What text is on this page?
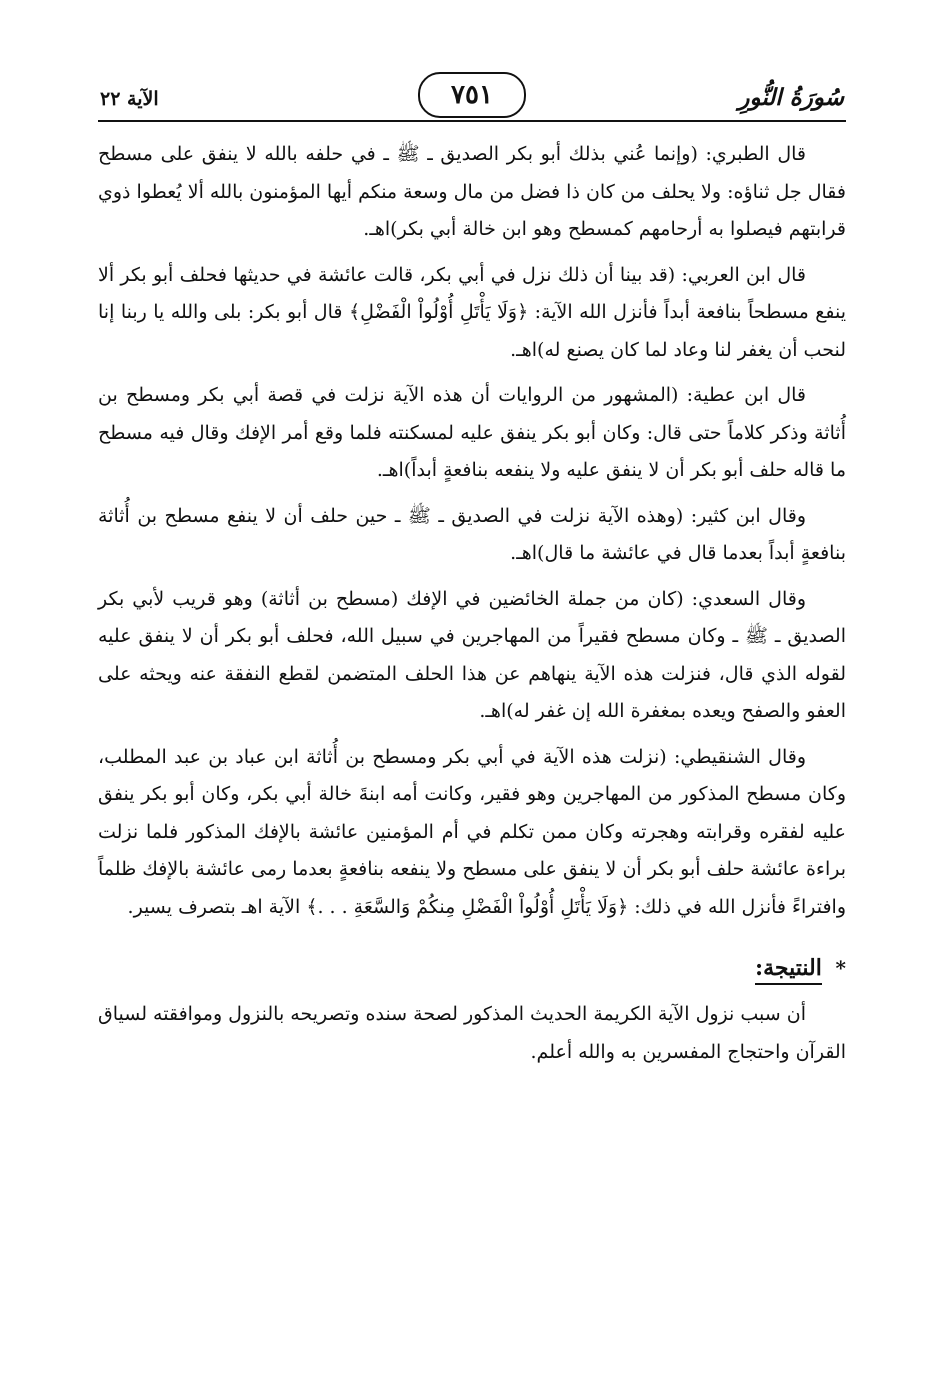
سُورَةُ النُّورِ
٧٥١
الآية ٢٢

قال الطبري: (وإنما عُني بذلك أبو بكر الصديق ـ ﷺ ـ في حلفه بالله لا ينفق على مسطح فقال جل ثناؤه: ولا يحلف من كان ذا فضل من مال وسعة منكم أيها المؤمنون بالله ألا يُعطوا ذوي قرابتهم فيصلوا به أرحامهم كمسطح وهو ابن خالة أبي بكر)اهـ.

قال ابن العربي: (قد بينا أن ذلك نزل في أبي بكر، قالت عائشة في حديثها فحلف أبو بكر ألا ينفع مسطحاً بنافعة أبداً فأنزل الله الآية: ﴿وَلَا يَأْتَلِ أُوْلُواْ الْفَضْلِ﴾ قال أبو بكر: بلى والله يا ربنا إنا لنحب أن يغفر لنا وعاد لما كان يصنع له)اهـ.

قال ابن عطية: (المشهور من الروايات أن هذه الآية نزلت في قصة أبي بكر ومسطح بن أُثاثة وذكر كلاماً حتى قال: وكان أبو بكر ينفق عليه لمسكنته فلما وقع أمر الإفك وقال فيه مسطح ما قاله حلف أبو بكر أن لا ينفق عليه ولا ينفعه بنافعةٍ أبداً)اهـ.

وقال ابن كثير: (وهذه الآية نزلت في الصديق ـ ﷺ ـ حين حلف أن لا ينفع مسطح بن أُثاثة بنافعةٍ أبداً بعدما قال في عائشة ما قال)اهـ.

وقال السعدي: (كان من جملة الخائضين في الإفك (مسطح بن أثاثة) وهو قريب لأبي بكر الصديق ـ ﷺ ـ وكان مسطح فقيراً من المهاجرين في سبيل الله، فحلف أبو بكر أن لا ينفق عليه لقوله الذي قال، فنزلت هذه الآية ينهاهم عن هذا الحلف المتضمن لقطع النفقة عنه ويحثه على العفو والصفح ويعده بمغفرة الله إن غفر له)اهـ.

وقال الشنقيطي: (نزلت هذه الآية في أبي بكر ومسطح بن أُثاثة ابن عباد بن عبد المطلب، وكان مسطح المذكور من المهاجرين وهو فقير، وكانت أمه ابنةَ خالة أبي بكر، وكان أبو بكر ينفق عليه لفقره وقرابته وهجرته وكان ممن تكلم في أم المؤمنين عائشة بالإفك المذكور فلما نزلت براءة عائشة حلف أبو بكر أن لا ينفق على مسطح ولا ينفعه بنافعةٍ بعدما رمى عائشة بالإفك ظلماً وافتراءً فأنزل الله في ذلك: ﴿وَلَا يَأْتَلِ أُوْلُواْ الْفَضْلِ مِنكُمْ وَالسَّعَةِ . . .﴾ الآية اهـ بتصرف يسير.

* النتيجة:

أن سبب نزول الآية الكريمة الحديث المذكور لصحة سنده وتصريحه بالنزول وموافقته لسياق القرآن واحتجاج المفسرين به والله أعلم.
